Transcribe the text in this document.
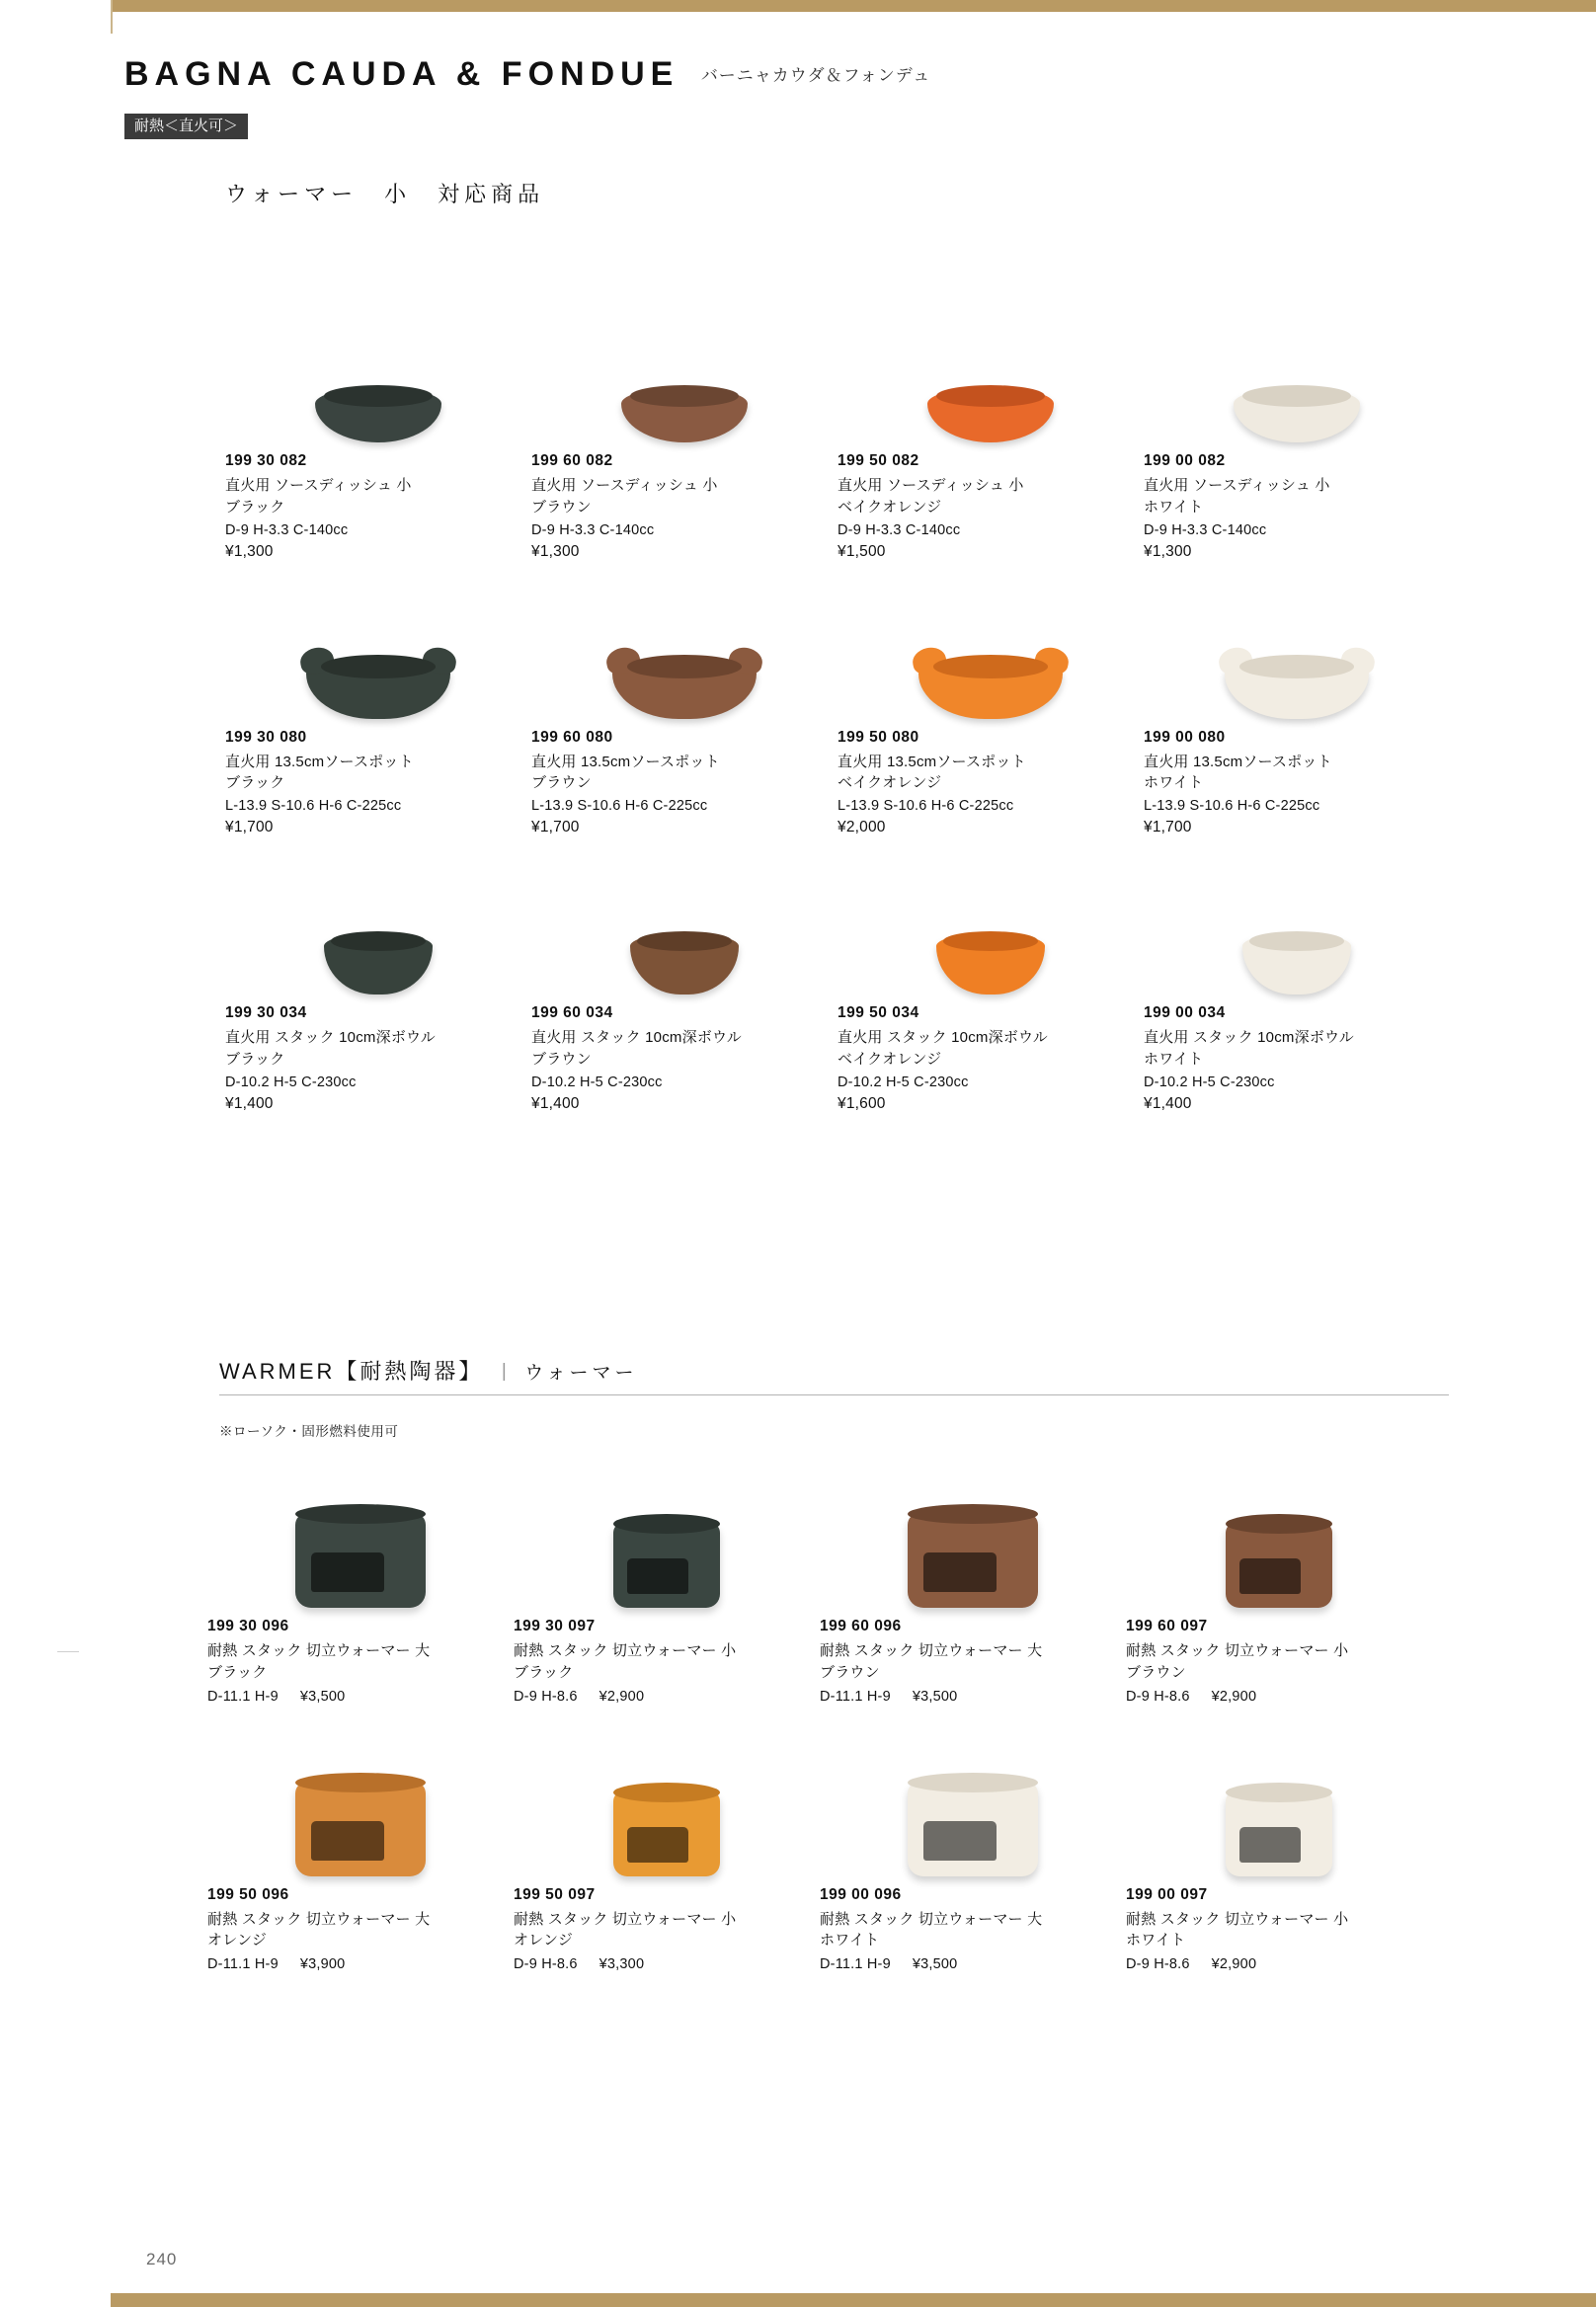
BAGNA CAUDA & FONDUE バーニャカウダ＆フォンデュ
耐熱＜直火可＞
ウォーマー　小　対応商品
199 30 082
直火用 ソースディッシュ 小
ブラック
D-9 H-3.3 C-140cc
¥1,300
199 60 082
直火用 ソースディッシュ 小
ブラウン
D-9 H-3.3 C-140cc
¥1,300
199 50 082
直火用 ソースディッシュ 小
ベイクオレンジ
D-9 H-3.3 C-140cc
¥1,500
199 00 082
直火用 ソースディッシュ 小
ホワイト
D-9 H-3.3 C-140cc
¥1,300
199 30 080
直火用 13.5cmソースポット
ブラック
L-13.9 S-10.6 H-6 C-225cc
¥1,700
199 60 080
直火用 13.5cmソースポット
ブラウン
L-13.9 S-10.6 H-6 C-225cc
¥1,700
199 50 080
直火用 13.5cmソースポット
ベイクオレンジ
L-13.9 S-10.6 H-6 C-225cc
¥2,000
199 00 080
直火用 13.5cmソースポット
ホワイト
L-13.9 S-10.6 H-6 C-225cc
¥1,700
199 30 034
直火用 スタック 10cm深ボウル
ブラック
D-10.2 H-5 C-230cc
¥1,400
199 60 034
直火用 スタック 10cm深ボウル
ブラウン
D-10.2 H-5 C-230cc
¥1,400
199 50 034
直火用 スタック 10cm深ボウル
ベイクオレンジ
D-10.2 H-5 C-230cc
¥1,600
199 00 034
直火用 スタック 10cm深ボウル
ホワイト
D-10.2 H-5 C-230cc
¥1,400
WARMER【耐熱陶器】 | ウォーマー
※ローソク・固形燃料使用可
199 30 096
耐熱 スタック 切立ウォーマー 大
ブラック
D-11.1 H-9 ¥3,500
199 30 097
耐熱 スタック 切立ウォーマー 小
ブラック
D-9 H-8.6 ¥2,900
199 60 096
耐熱 スタック 切立ウォーマー 大
ブラウン
D-11.1 H-9 ¥3,500
199 60 097
耐熱 スタック 切立ウォーマー 小
ブラウン
D-9 H-8.6 ¥2,900
199 50 096
耐熱 スタック 切立ウォーマー 大
オレンジ
D-11.1 H-9 ¥3,900
199 50 097
耐熱 スタック 切立ウォーマー 小
オレンジ
D-9 H-8.6 ¥3,300
199 00 096
耐熱 スタック 切立ウォーマー 大
ホワイト
D-11.1 H-9 ¥3,500
199 00 097
耐熱 スタック 切立ウォーマー 小
ホワイト
D-9 H-8.6 ¥2,900
240
